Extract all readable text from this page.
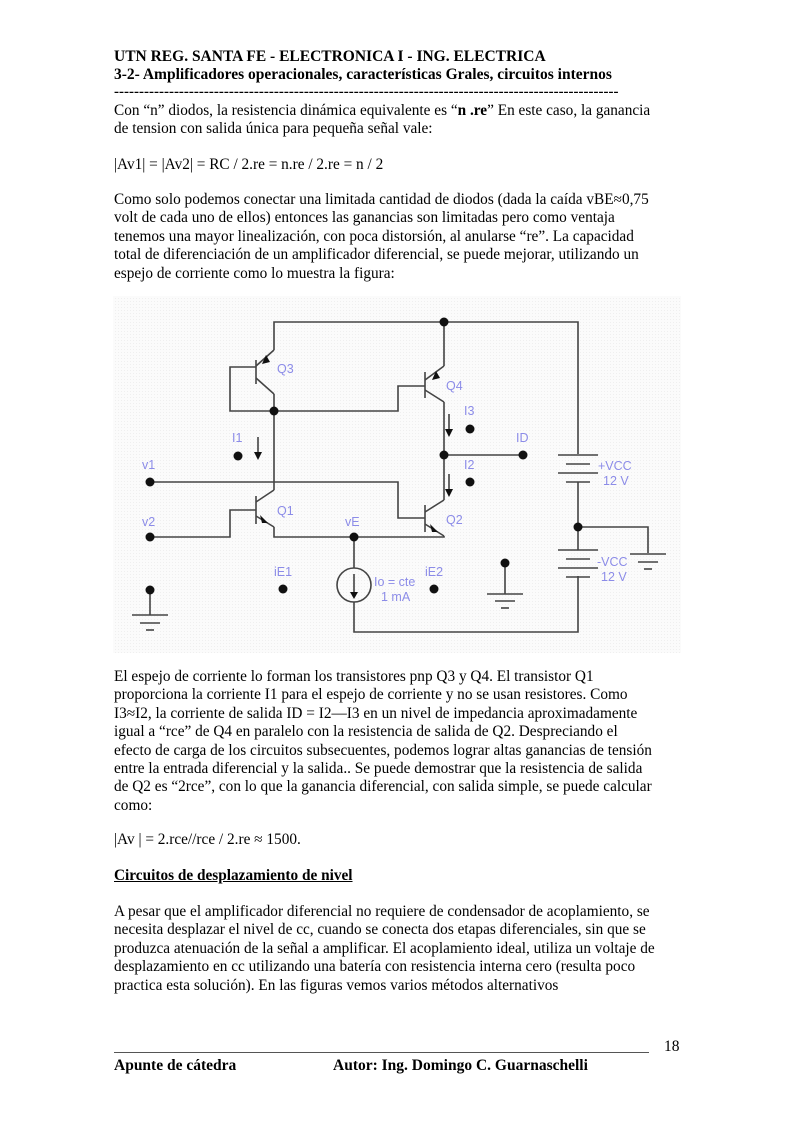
UTN REG. SANTA FE - ELECTRONICA I - ING. ELECTRICA
3-2- Amplificadores operacionales, características Grales, circuitos internos
-----------------------------------------------------------------------------------------------------
Con “n” diodos, la resistencia dinámica equivalente es “n .re” En este caso, la ganancia
de tension con salida única para pequeña señal vale:
|Av1| = |Av2| = RC / 2.re = n.re / 2.re = n / 2
Como solo podemos conectar una limitada cantidad de diodos (dada la caída vBE≈0,75
volt de cada uno de ellos) entonces las ganancias son limitadas pero como ventaja
tenemos una mayor linealización, con poca distorsión, al anularse “re”. La capacidad
total de diferenciación de un amplificador diferencial, se puede mejorar, utilizando un
espejo de corriente como lo muestra la figura:
Q3
Q4
Q1
Q2
I1
I3
I2
ID
v1
v2	vE
iE1	iE2
Io = cte
1 mA
+VCC
12 V
-VCC
12 V
El espejo de corriente lo forman los transistores pnp Q3 y Q4. El transistor Q1
proporciona la corriente I1 para el espejo de corriente y no se usan resistores. Como
I3≈I2, la corriente de salida ID = I2—I3 en un nivel de impedancia aproximadamente
igual a “rce” de Q4 en paralelo con la resistencia de salida de Q2. Despreciando el
efecto de carga de los circuitos subsecuentes, podemos lograr altas ganancias de tensión
entre la entrada diferencial y la salida.. Se puede demostrar que la resistencia de salida
de Q2 es “2rce”, con lo que la ganancia diferencial, con salida simple, se puede calcular
como:
|Av | = 2.rce//rce / 2.re ≈ 1500.
Circuitos de desplazamiento de nivel
A pesar que el amplificador diferencial no requiere de condensador de acoplamiento, se
necesita desplazar el nivel de cc, cuando se conecta dos etapas diferenciales, sin que se
produzca atenuación de la señal a amplificar. El acoplamiento ideal, utiliza un voltaje de
desplazamiento en cc utilizando una batería con resistencia interna cero (resulta poco
practica esta solución). En las figuras vemos varios métodos alternativos
18
Apunte de cátedra	Autor: Ing. Domingo C. Guarnaschelli
